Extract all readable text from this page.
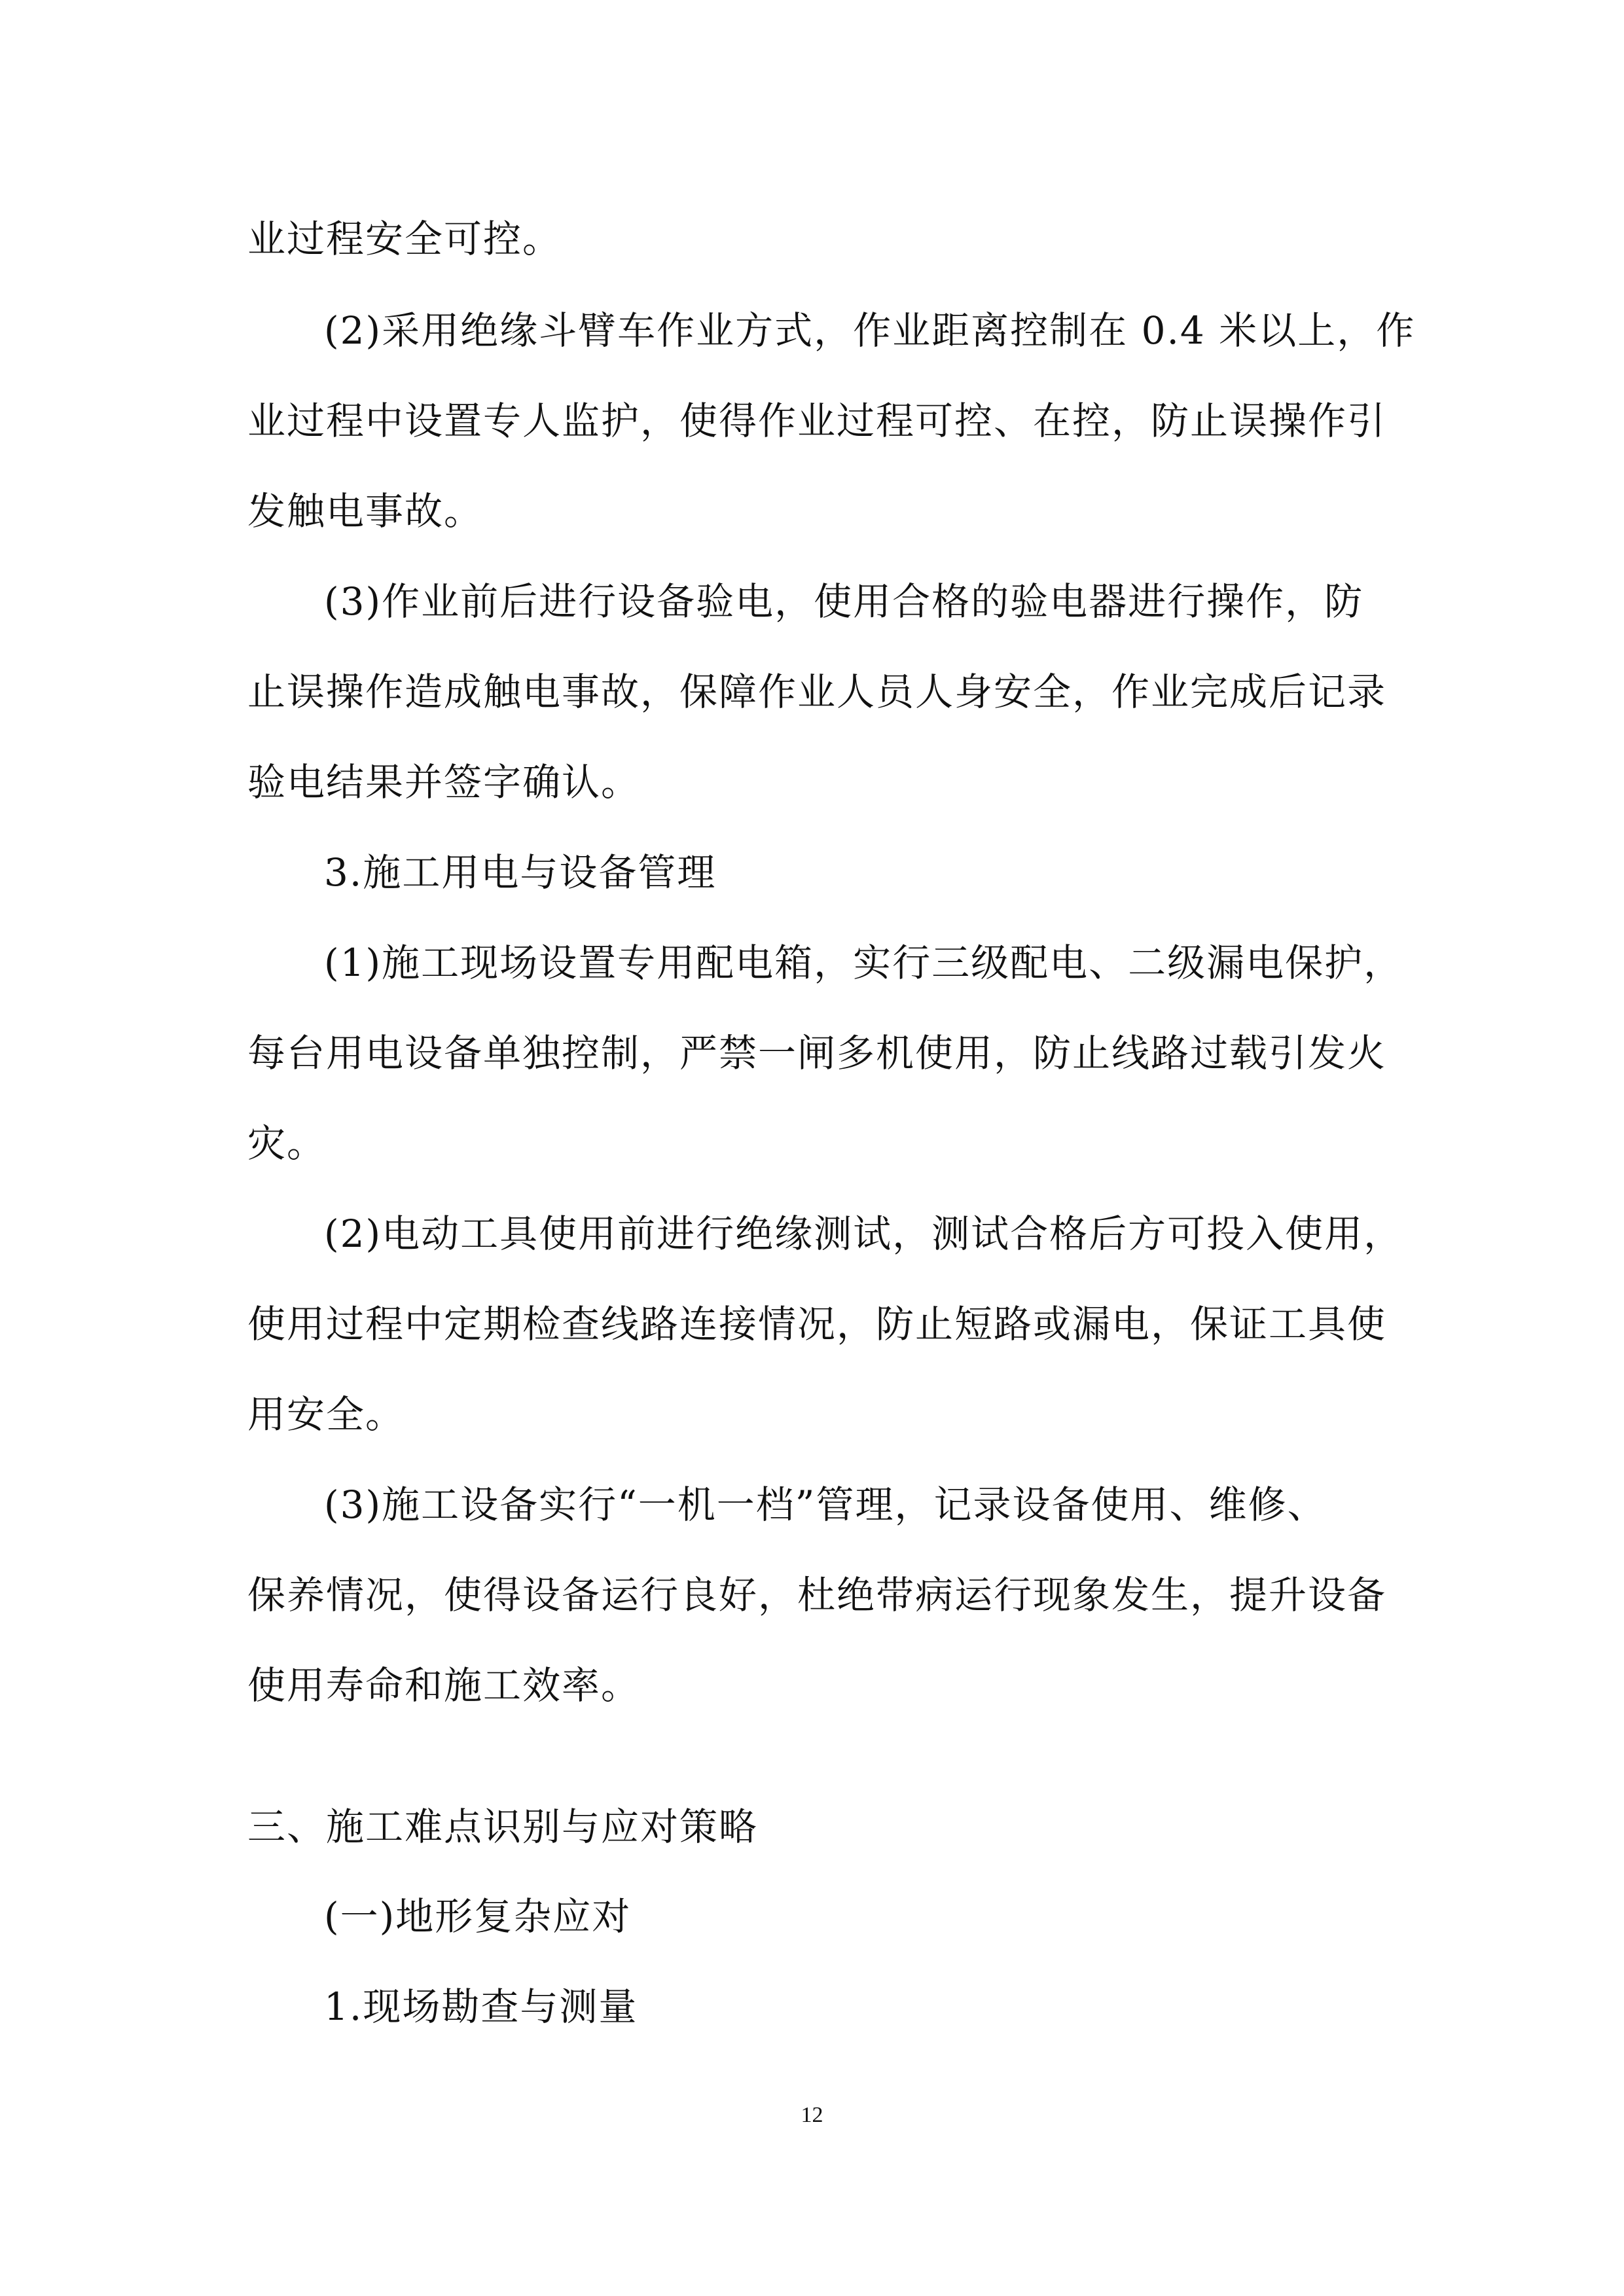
业过程安全可控。
(2)采用绝缘斗臂车作业方式，作业距离控制在 0.4 米以上，作
业过程中设置专人监护，使得作业过程可控、在控，防止误操作引
发触电事故。
(3)作业前后进行设备验电，使用合格的验电器进行操作，防
止误操作造成触电事故，保障作业人员人身安全，作业完成后记录
验电结果并签字确认。
3.施工用电与设备管理
(1)施工现场设置专用配电箱，实行三级配电、二级漏电保护，
每台用电设备单独控制，严禁一闸多机使用，防止线路过载引发火
灾。
(2)电动工具使用前进行绝缘测试，测试合格后方可投入使用，
使用过程中定期检查线路连接情况，防止短路或漏电，保证工具使
用安全。
(3)施工设备实行“一机一档”管理，记录设备使用、维修、
保养情况，使得设备运行良好，杜绝带病运行现象发生，提升设备
使用寿命和施工效率。
三、施工难点识别与应对策略
(一)地形复杂应对
1.现场勘查与测量
12
